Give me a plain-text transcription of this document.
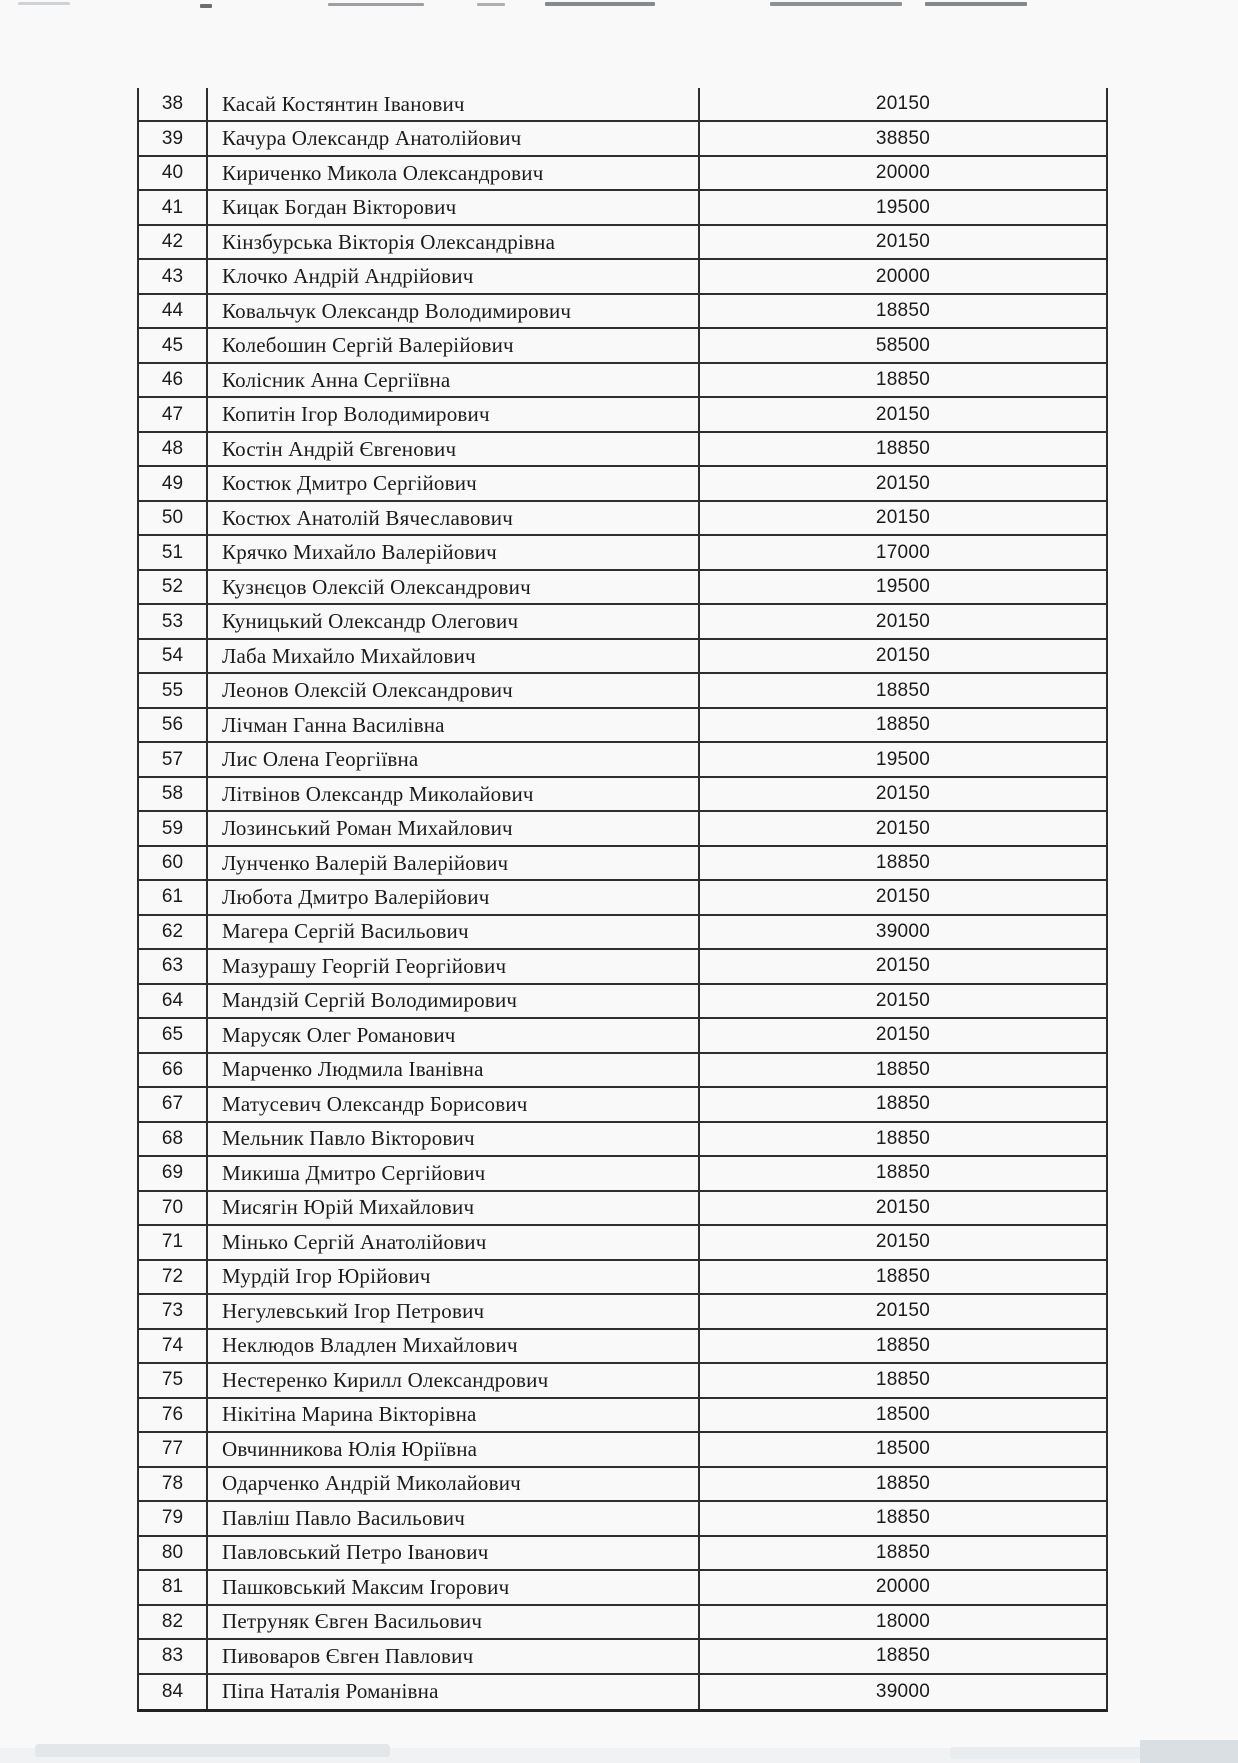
38	Касай Костянтин Іванович	20150
39	Качура Олександр Анатолійович	38850
40	Кириченко Микола Олександрович	20000
41	Кицак Богдан Вікторович	19500
42	Кінзбурська Вікторія Олександрівна	20150
43	Клочко Андрій Андрійович	20000
44	Ковальчук Олександр Володимирович	18850
45	Колебошин Сергій Валерійович	58500
46	Колісник Анна Сергіївна	18850
47	Копитін Ігор Володимирович	20150
48	Костін Андрій Євгенович	18850
49	Костюк Дмитро Сергійович	20150
50	Костюх Анатолій Вячеславович	20150
51	Крячко Михайло Валерійович	17000
52	Кузнєцов Олексій Олександрович	19500
53	Куницький Олександр Олегович	20150
54	Лаба Михайло Михайлович	20150
55	Леонов Олексій Олександрович	18850
56	Лічман Ганна Василівна	18850
57	Лис Олена Георгіївна	19500
58	Літвінов Олександр Миколайович	20150
59	Лозинський Роман Михайлович	20150
60	Лунченко Валерій Валерійович	18850
61	Любота Дмитро Валерійович	20150
62	Магера Сергій Васильович	39000
63	Мазурашу Георгій Георгійович	20150
64	Мандзій Сергій Володимирович	20150
65	Марусяк Олег Романович	20150
66	Марченко Людмила Іванівна	18850
67	Матусевич Олександр Борисович	18850
68	Мельник Павло Вікторович	18850
69	Микиша Дмитро Сергійович	18850
70	Мисягін Юрій Михайлович	20150
71	Мінько Сергій Анатолійович	20150
72	Мурдій Ігор Юрійович	18850
73	Негулевський Ігор Петрович	20150
74	Неклюдов Владлен Михайлович	18850
75	Нестеренко Кирилл Олександрович	18850
76	Нікітіна Марина Вікторівна	18500
77	Овчинникова Юлія Юріївна	18500
78	Одарченко Андрій Миколайович	18850
79	Павліш Павло Васильович	18850
80	Павловський Петро Іванович	18850
81	Пашковський Максим Ігорович	20000
82	Петруняк Євген Васильович	18000
83	Пивоваров Євген Павлович	18850
84	Піпа Наталія Романівна	39000
